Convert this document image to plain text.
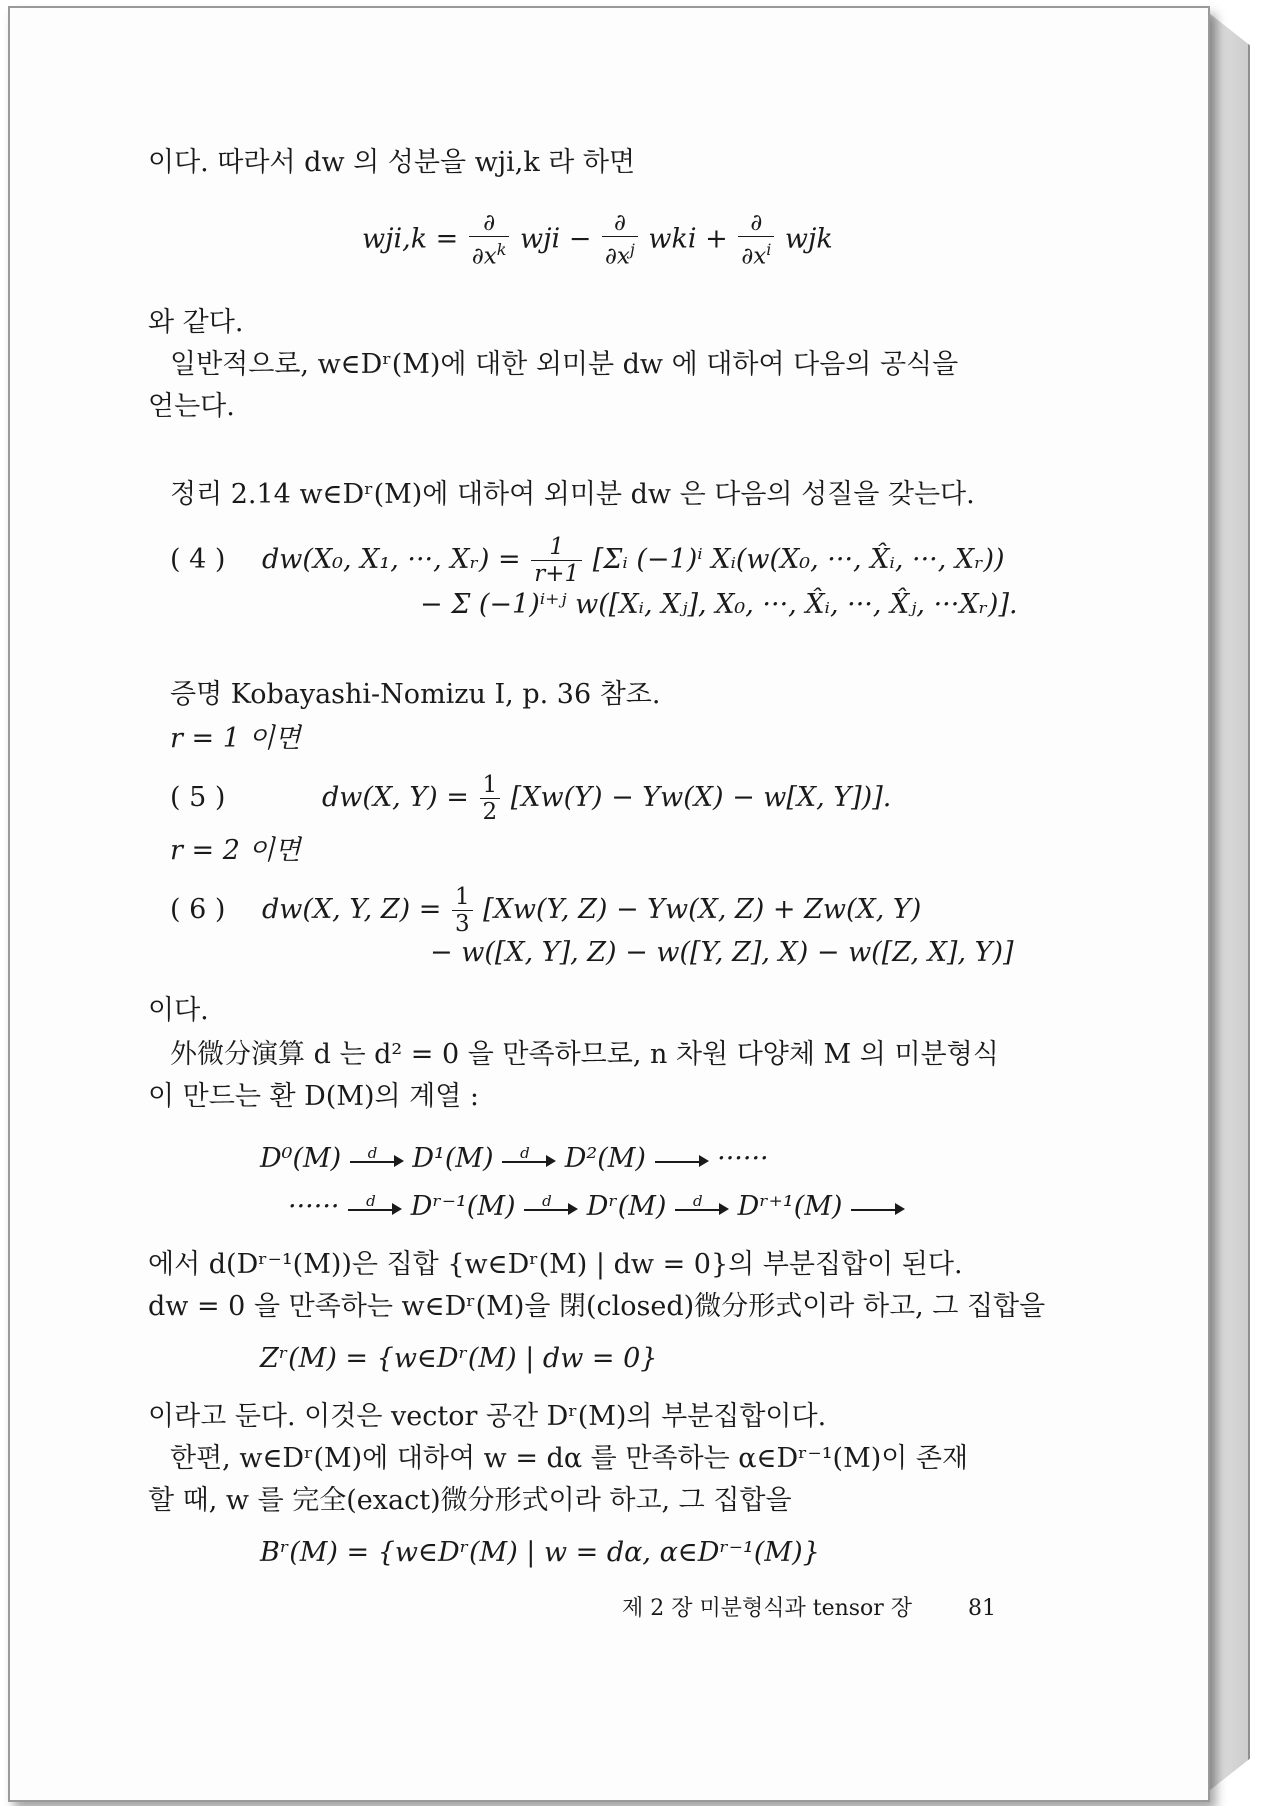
이다. 따라서 dw 의 성분을 wji,k 라 하면
$wji,k = \frac{\partial}{\partial x^k}$ wji − $\frac{\partial}{\partial x^j}$ wki + $\frac{\partial}{\partial x^i}$ wjk
와 같다.
일반적으로, w∈Dʳ(M)에 대한 외미분 dw 에 대하여 다음의 공식을
얻는다.
정리 2.14 w∈Dʳ(M)에 대하여 외미분 dw 은 다음의 성질을 갖는다.
( 4 ) dw(X₀, X₁, ···, Xᵣ) = $\frac{1}{r+1}$ [Σᵢ (−1)ⁱ Xᵢ(w(X₀, ···, X̂ᵢ, ···, Xᵣ))
− Σ (−1)ⁱ⁺ʲ w([Xᵢ, Xⱼ], X₀, ···, X̂ᵢ, ···, X̂ⱼ, ···Xᵣ)].
증명 Kobayashi-Nomizu Ⅰ, p. 36 참조.
r = 1 이면
( 5 )	dw(X, $Y) = \frac{1}{2} [Xw(Y) - Yw(X) - w[X$, Y])].
r = 2 이면
( 6 ) dw(X, Y, $Z) = \frac{1}{3} [Xw(Y$, Z) − Yw(X, Z) + Zw(X, Y)
− w([X, Y], Z) − w([Y, Z], X) − w([Z, X], Y)]
이다.
外微分演算 d 는 d² = 0 을 만족하므로, n 차원 다양체 M 의 미분형식
이 만드는 환 D(M)의 계열 :
D⁰(M) d D¹(M) d D²(M)	······
······ d Dʳ⁻¹(M) d Dʳ(M) d Dʳ⁺¹(M)
에서 d(Dʳ⁻¹(M))은 집합 {w∈Dʳ(M) | dw = 0}의 부분집합이 된다.
dw = 0 을 만족하는 w∈Dʳ(M)을 閉(closed)微分形式이라 하고, 그 집합을
Zʳ(M) = {w∈Dʳ(M) | dw = 0}
이라고 둔다. 이것은 vector 공간 Dʳ(M)의 부분집합이다.
한편, w∈Dʳ(M)에 대하여 w = dα 를 만족하는 α∈Dʳ⁻¹(M)이 존재
할 때, w 를 完全(exact)微分形式이라 하고, 그 집합을
Bʳ(M) = {w∈Dʳ(M) | w = dα, α∈Dʳ⁻¹(M)}
제 2 장 미분형식과 tensor 장	81
